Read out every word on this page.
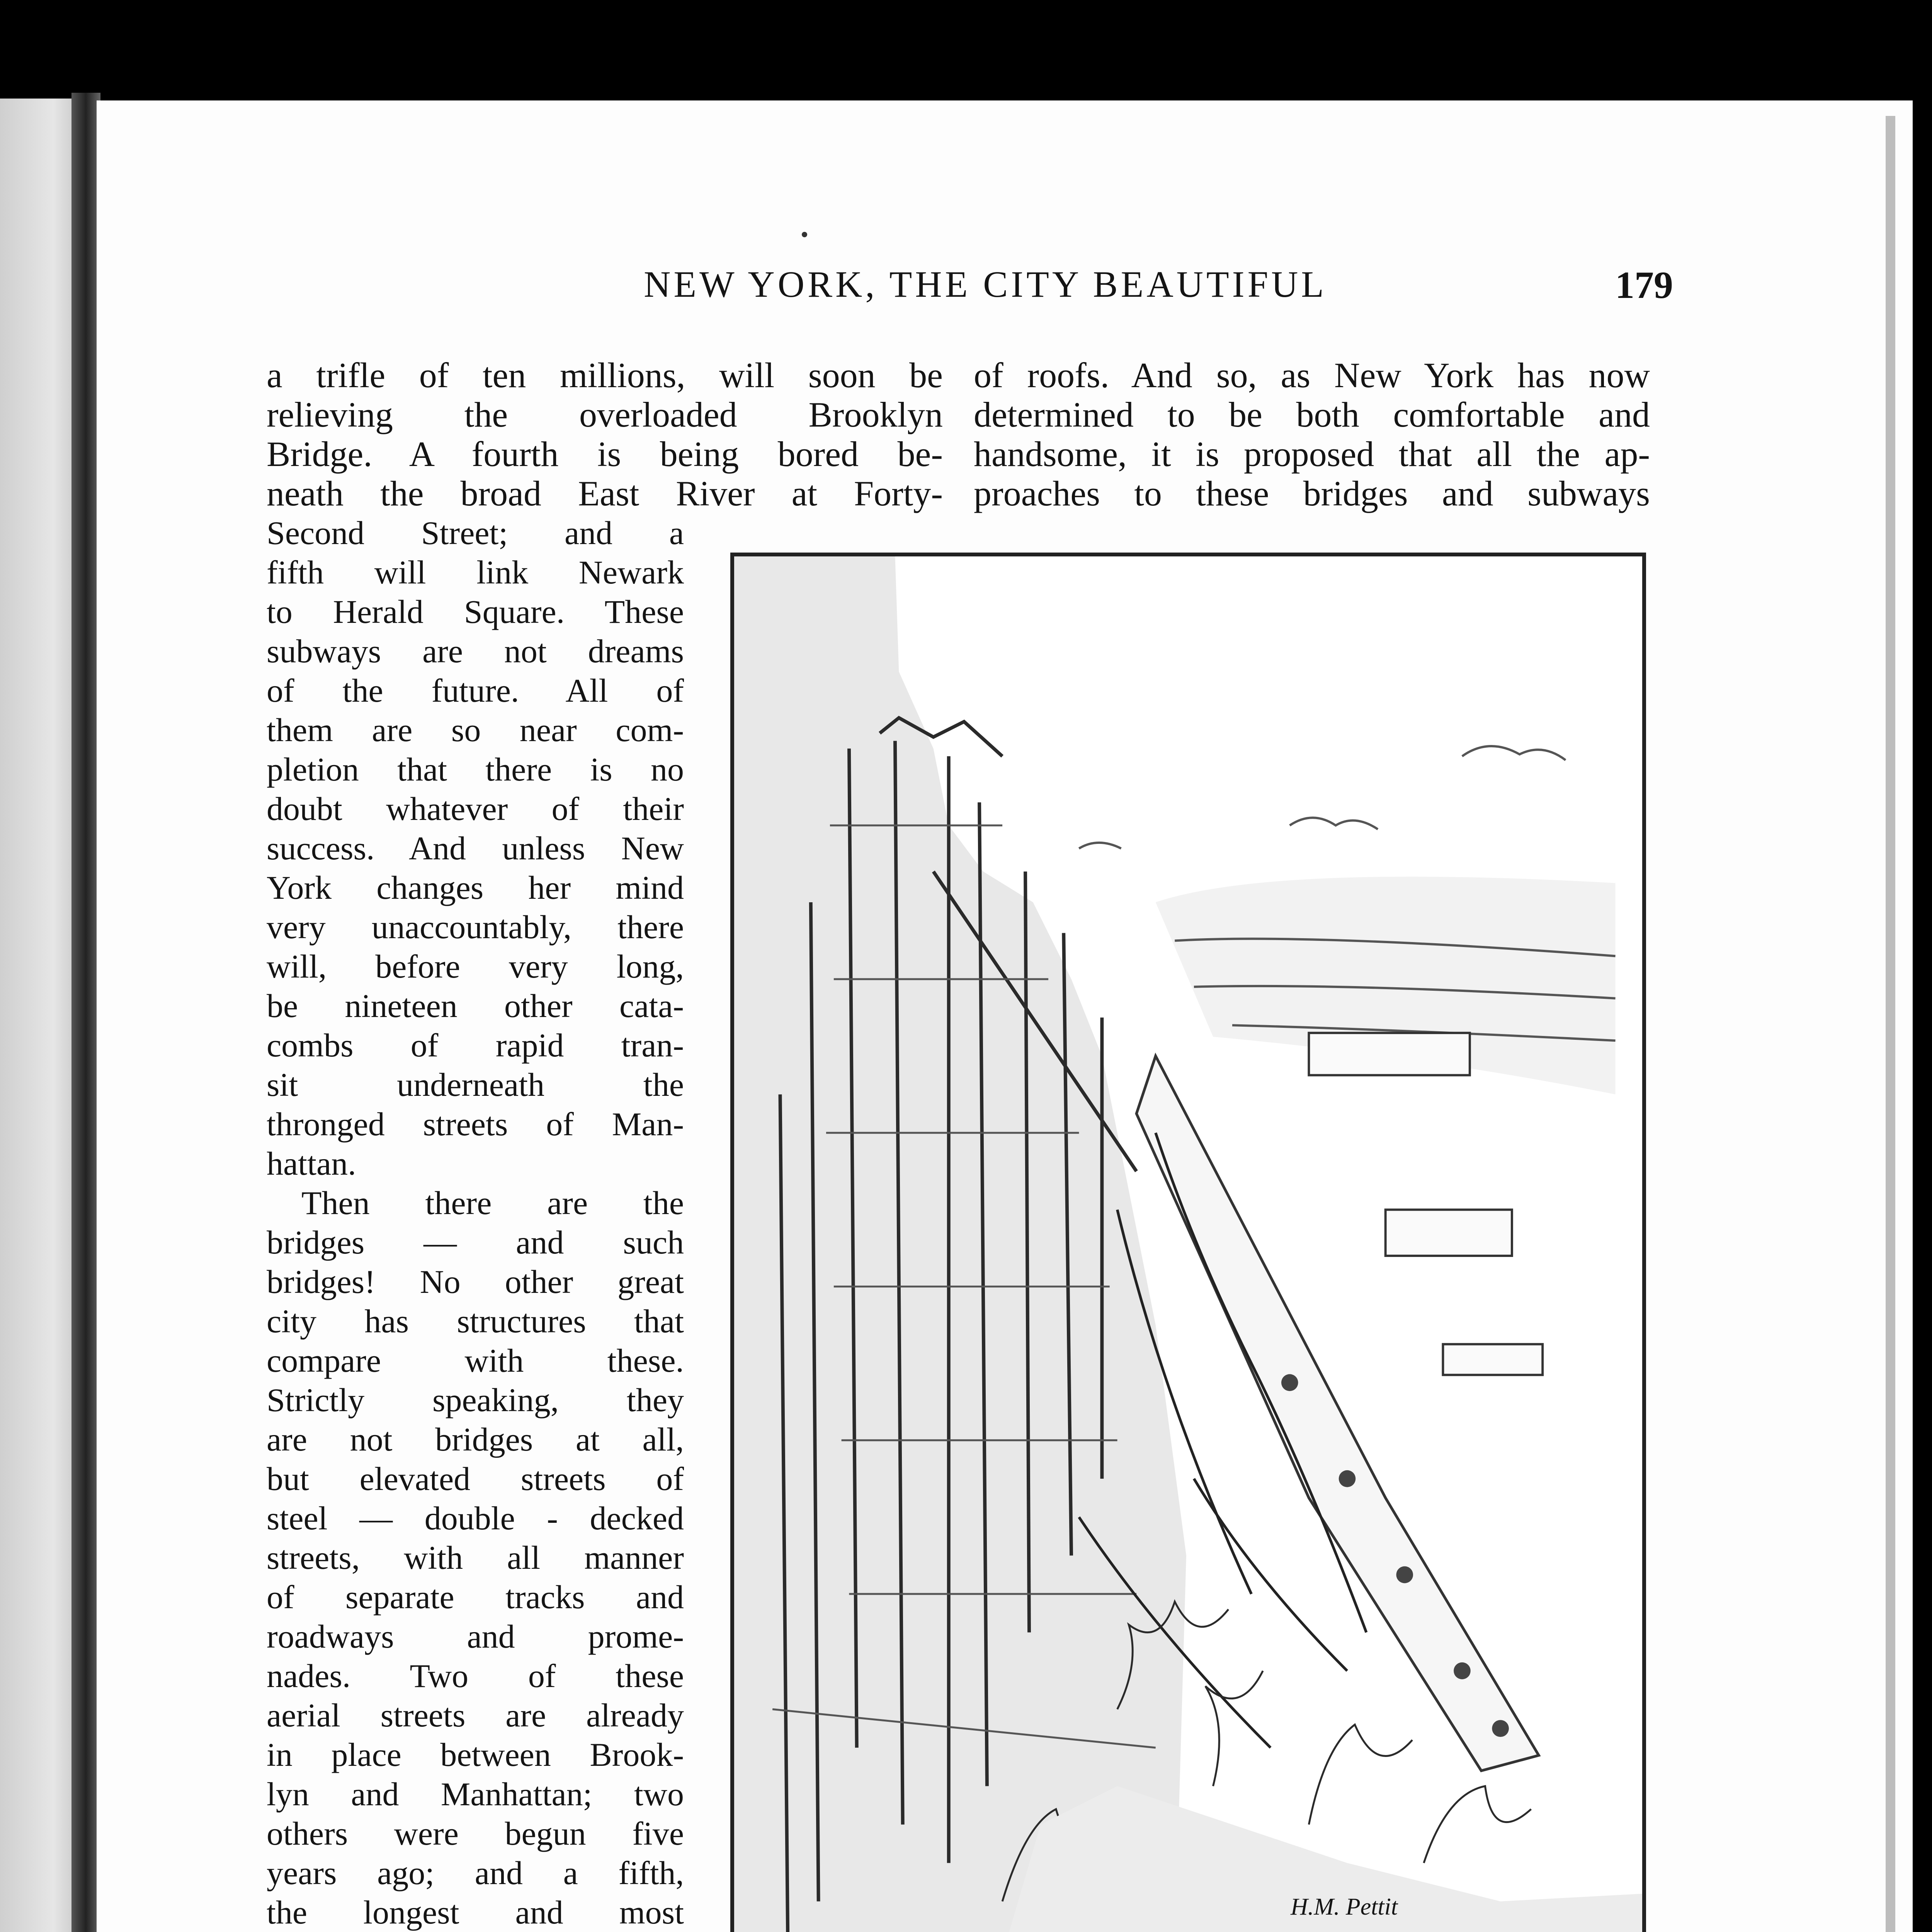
NEW YORK, THE CITY BEAUTIFUL	179
a trifle of ten millions, will soon be
relieving the overloaded Brooklyn
Bridge. A fourth is being bored be-
neath the broad East River at Forty-
of roofs. And so, as New York has now
determined to be both comfortable and
handsome, it is proposed that all the ap-
proaches to these bridges and subways
Second Street; and a
fifth will link Newark
to Herald Square. These
subways are not dreams
of the future. All of
them are so near com-
pletion that there is no
doubt whatever of their
success. And unless New
York changes her mind
very unaccountably, there
will, before very long,
be nineteen other cata-
combs of rapid tran-
sit underneath the
thronged streets of Man-
hattan.
Then there are the
bridges — and such
bridges! No other great
city has structures that
compare with these.
Strictly speaking, they
are not bridges at all,
but elevated streets of
steel — double - decked
streets, with all manner
of separate tracks and
roadways and prome-
nades. Two of these
aerial streets are already
in place between Brook-
lyn and Manhattan; two
others were begun five
years ago; and a fifth,
the longest and most	H.M. Pettit
